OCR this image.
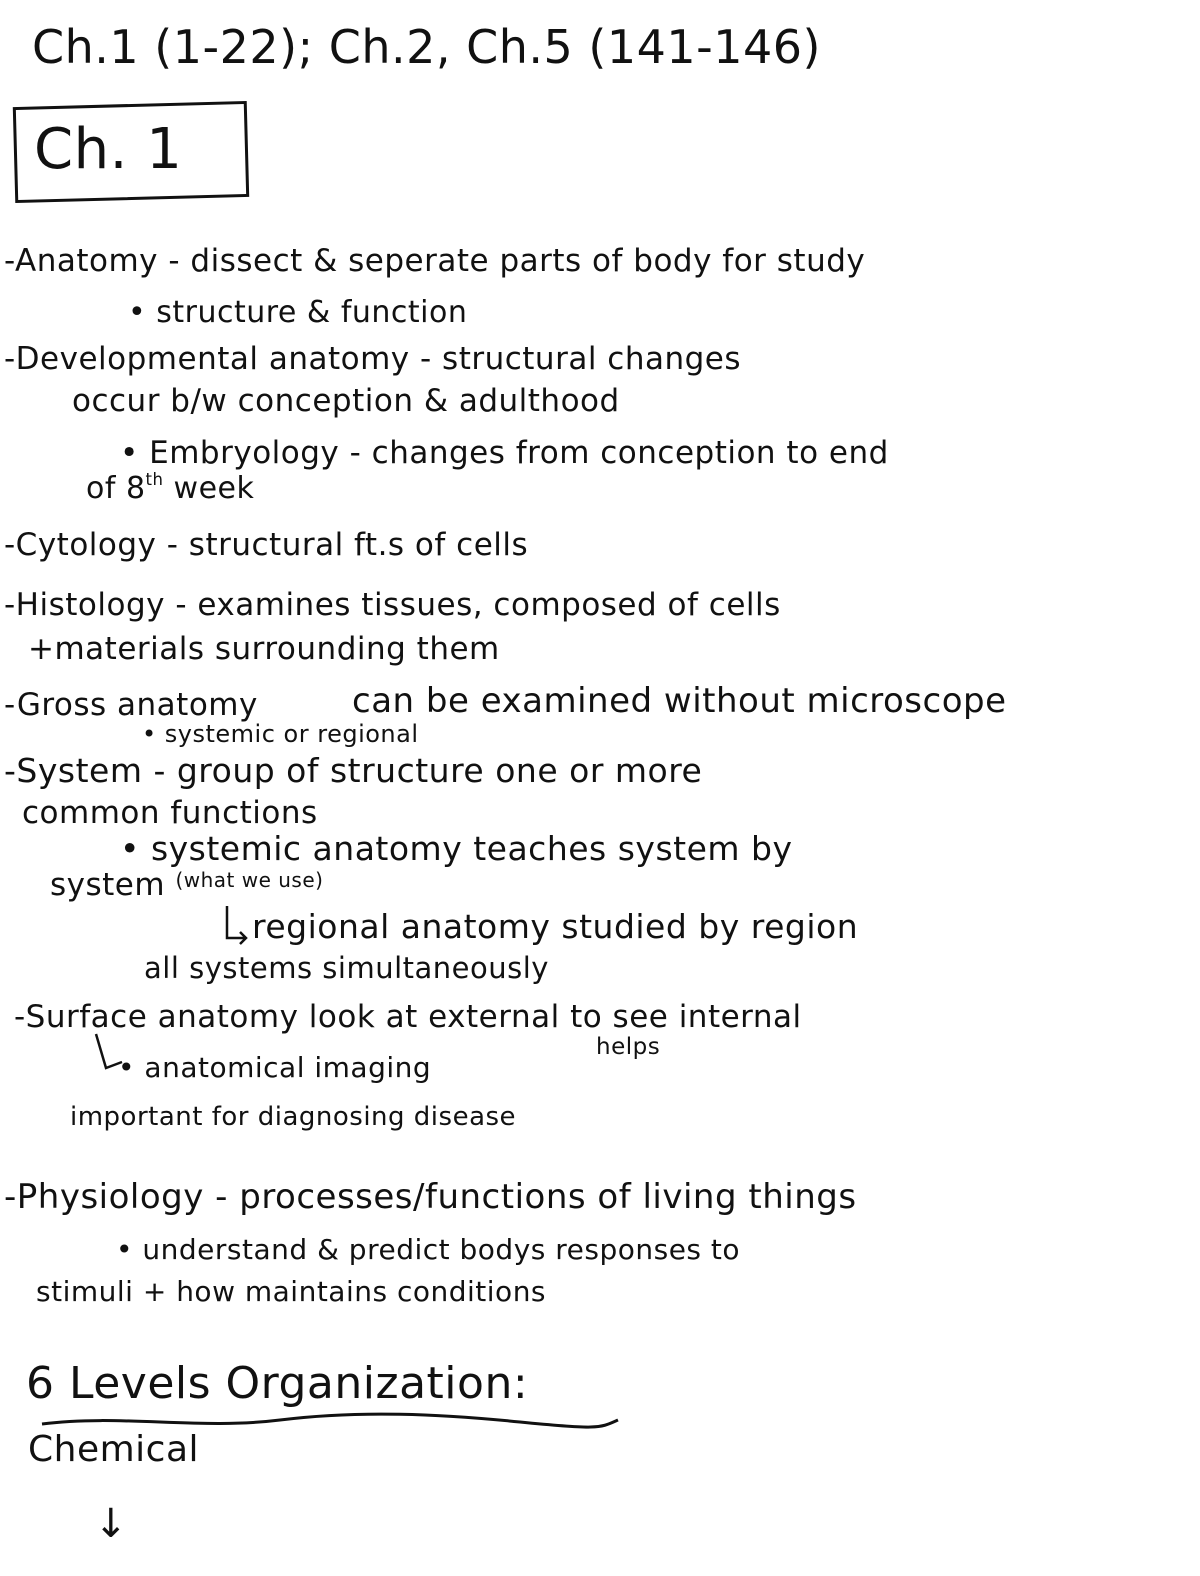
Ch.1 (1-22); Ch.2, Ch.5 (141-146)
Ch. 1
-Anatomy - dissect & seperate parts of body for study
• structure & function
-Developmental anatomy - structural changes
occur b/w conception & adulthood
• Embryology - changes from conception to end
of 8th week
-Cytology - structural ft.s of cells
-Histology - examines tissues, composed of cells
+materials surrounding them
-Gross anatomy	can be examined without microscope
• systemic or regional
-System - group of structure one or more
common functions
• systemic anatomy teaches system by
system $^{(what we use)}$
regional anatomy studied by region
all systems simultaneously
-Surface anatomy look at external to see internal
helps
• anatomical imaging
important for diagnosing disease
-Physiology - processes/functions of living things
• understand & predict bodys responses to
stimuli + how maintains conditions
6 Levels Organization:
Chemical
↓
